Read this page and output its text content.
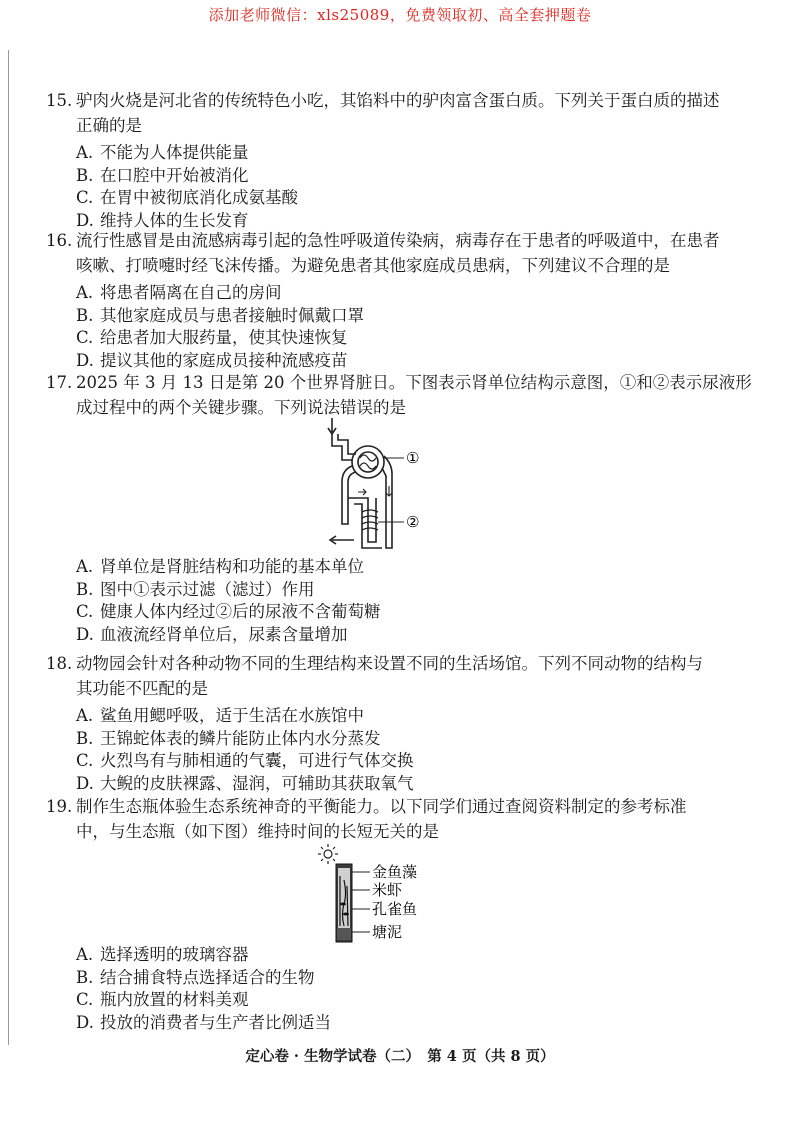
添加老师微信：xls25089，免费领取初、高全套押题卷
15. 驴肉火烧是河北省的传统特色小吃，其馅料中的驴肉富含蛋白质。下列关于蛋白质的描述
正确的是
A. 不能为人体提供能量
B. 在口腔中开始被消化
C. 在胃中被彻底消化成氨基酸
D. 维持人体的生长发育
16. 流行性感冒是由流感病毒引起的急性呼吸道传染病，病毒存在于患者的呼吸道中，在患者
咳嗽、打喷嚏时经飞沫传播。为避免患者其他家庭成员患病，下列建议不合理的是
A. 将患者隔离在自己的房间
B. 其他家庭成员与患者接触时佩戴口罩
C. 给患者加大服药量，使其快速恢复
D. 提议其他的家庭成员接种流感疫苗
17. 2025 年 3 月 13 日是第 20 个世界肾脏日。下图表示肾单位结构示意图，①和②表示尿液形
成过程中的两个关键步骤。下列说法错误的是
①
②
A. 肾单位是肾脏结构和功能的基本单位
B. 图中①表示过滤（滤过）作用
C. 健康人体内经过②后的尿液不含葡萄糖
D. 血液流经肾单位后，尿素含量增加
18. 动物园会针对各种动物不同的生理结构来设置不同的生活场馆。下列不同动物的结构与
其功能不匹配的是
A. 鲨鱼用鳃呼吸，适于生活在水族馆中
B. 王锦蛇体表的鳞片能防止体内水分蒸发
C. 火烈鸟有与肺相通的气囊，可进行气体交换
D. 大鲵的皮肤裸露、湿润，可辅助其获取氧气
19. 制作生态瓶体验生态系统神奇的平衡能力。以下同学们通过查阅资料制定的参考标准
中，与生态瓶（如下图）维持时间的长短无关的是
金鱼藻
米虾
孔雀鱼
塘泥
A. 选择透明的玻璃容器
B. 结合捕食特点选择适合的生物
C. 瓶内放置的材料美观
D. 投放的消费者与生产者比例适当
定心卷 · 生物学试卷（二）　第 4 页（共 8 页）
